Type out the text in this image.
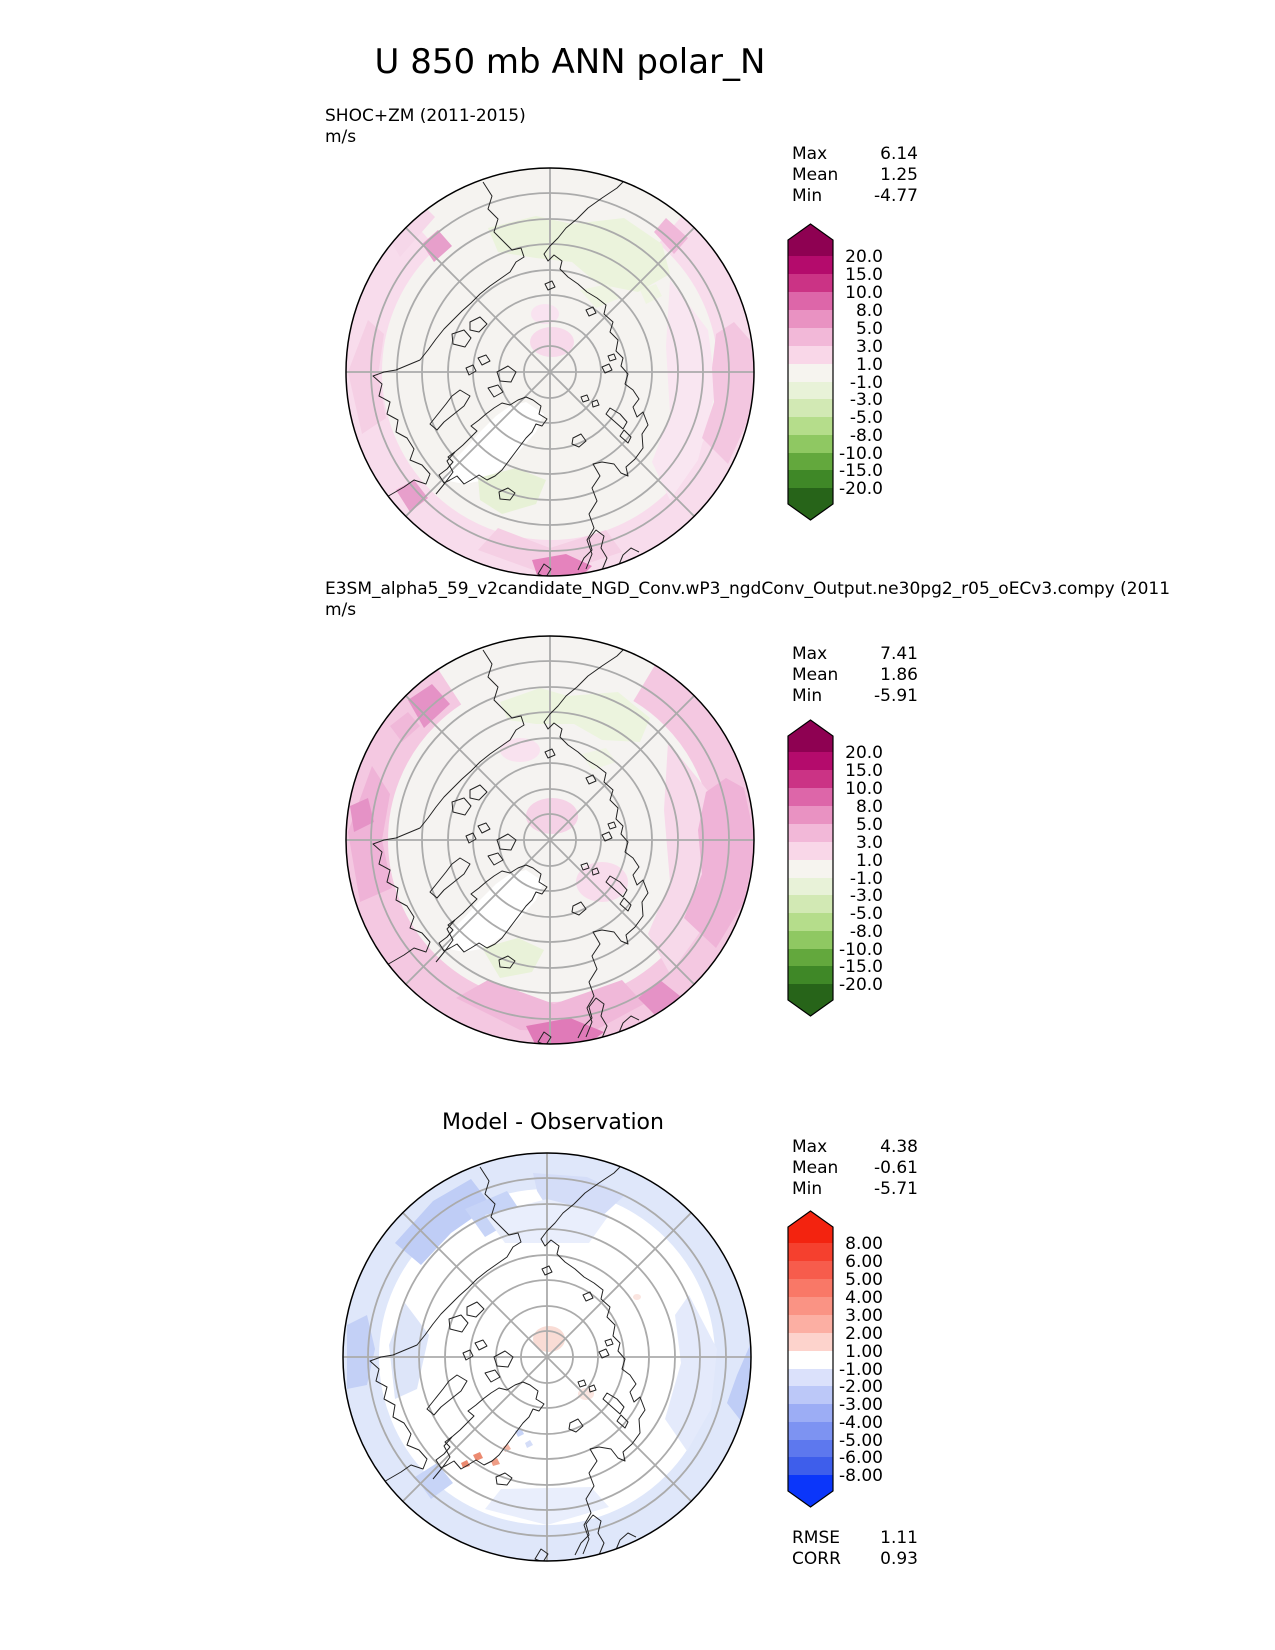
U 850 mb ANN polar_N
SHOC+ZM (2011-2015)
m/s
Max	6.14
Mean 1.25
Min	-4.77
20.0
15.0
10.0
8.0
5.0
3.0
1.0
-1.0
-3.0
-5.0
-8.0
-10.0
-15.0
-20.0
E3SM_alpha5_59_v2candidate_NGD_Conv.wP3_ngdConv_Output.ne30pg2_r05_oECv3.compy (2011
m/s
Max	7.41
Mean 1.86
Min	-5.91
20.0
15.0
10.0
8.0
5.0
3.0
1.0
-1.0
-3.0
-5.0
-8.0
-10.0
-15.0
-20.0
Model - Observation
Max	4.38
Mean -0.61
Min	-5.71
8.00
6.00
5.00
4.00
3.00
2.00
1.00
-1.00
-2.00
-3.00
-4.00
-5.00
-6.00
-8.00
RMSE 1.11
CORR 0.93
